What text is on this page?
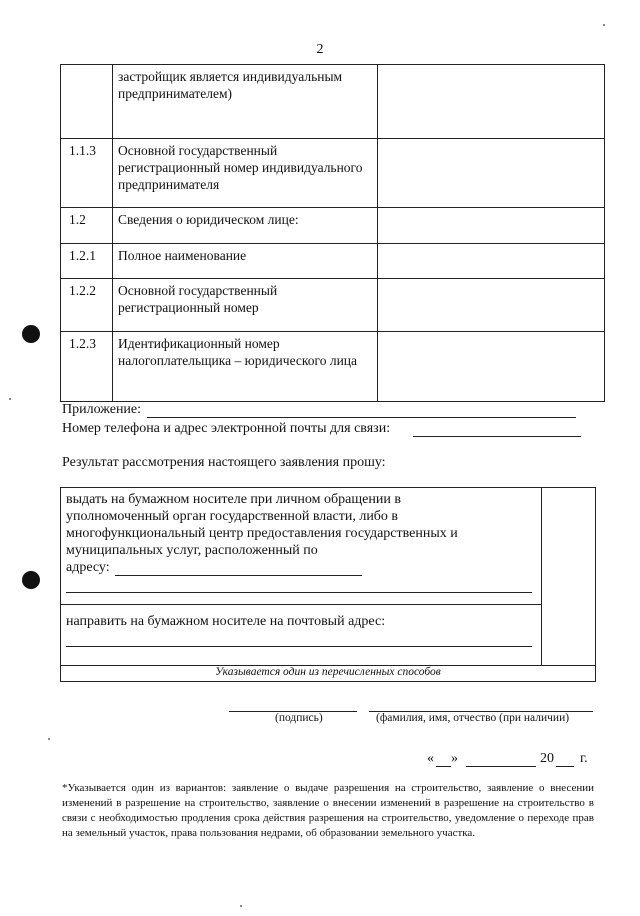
2
	застройщик является индивидуальным предпринимателем)	
1.1.3	Основной государственный регистрационный номер индивидуального предпринимателя	
1.2	Сведения о юридическом лице:	
1.2.1	Полное наименование	
1.2.2	Основной государственный регистрационный номер	
1.2.3	Идентификационный номер налогоплательщика – юридического лица	
Приложение:
Номер телефона и адрес электронной почты для связи:
Результат рассмотрения настоящего заявления прошу:
выдать на бумажном носителе при личном обращении в уполномоченный орган государственной власти, либо в многофункциональный центр предоставления государственных и муниципальных услуг, расположенный по
адресу:
направить на бумажном носителе на почтовый адрес:
Указывается один из перечисленных способов
(подпись)	(фамилия, имя, отчество (при наличии)
« »	20 г.
*Указывается один из вариантов: заявление о выдаче разрешения на строительство, заявление о внесении изменений в разрешение на строительство, заявление о внесении изменений в разрешение на строительство в связи с необходимостью продления срока действия разрешения на строительство, уведомление о переходе прав на земельный участок, права пользования недрами, об образовании земельного участка.
